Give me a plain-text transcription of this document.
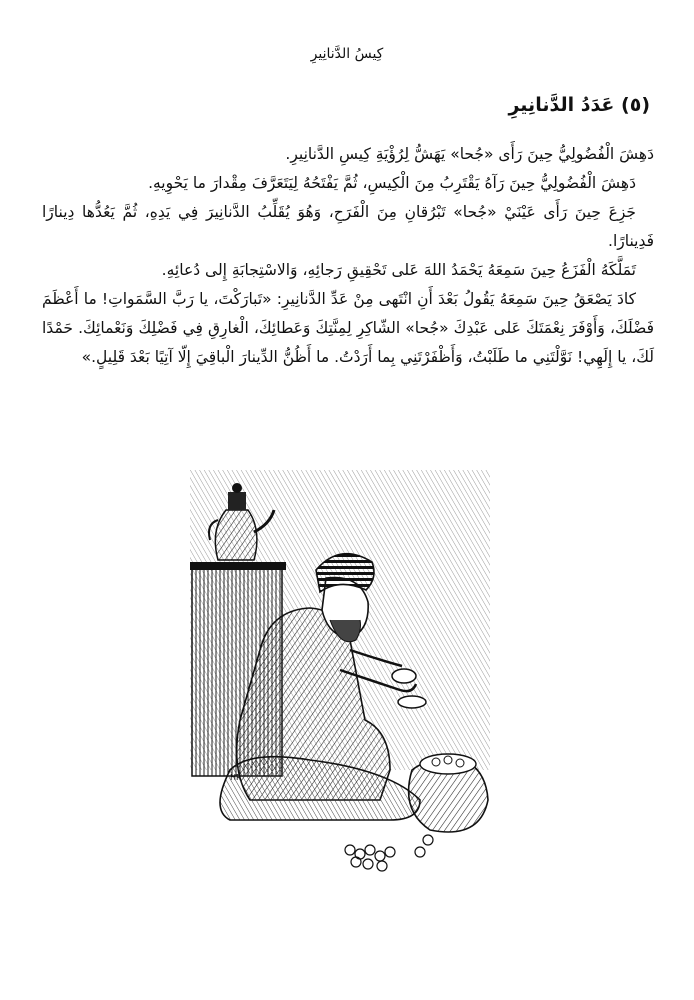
كِيسُ الدَّنانِيرِ
(٥) عَدَدُ الدَّنانِيرِ

دَهِشَ الْفُضُولِيُّ حِينَ رَأَى «جُحا» يَهَشُّ لِرُؤْيَةِ كِيسِ الدَّنانِيرِ.

دَهِشَ الْفُضُولِيُّ حِينَ رَآهُ يَقْتَرِبُ مِنَ الْكِيسِ، ثُمَّ يَفْتَحُهُ لِيَتَعَرَّفَ مِقْدارَ ما يَحْوِيهِ.

جَزِعَ حِينَ رَأَى عَيْنَيْ «جُحا» تَبْرُقانِ مِنَ الْفَرَحِ، وَهُوَ يُقَلِّبُ الدَّنانِيرَ فِي يَدِهِ، ثُمَّ يَعُدُّها دِينارًا فَدِينارًا.

تَمَلَّكَهُ الْفَزَعُ حِينَ سَمِعَهُ يَحْمَدُ اللهَ عَلى تَحْقِيقِ رَجائِهِ، وَالاسْتِجابَةِ إِلى دُعائِهِ.

كادَ يَصْعَقُ حِينَ سَمِعَهُ يَقُولُ بَعْدَ أَنِ انْتَهى مِنْ عَدِّ الدَّنانِيرِ: «تَبارَكْتَ، يا رَبَّ السَّمَواتِ! ما أَعْظَمَ فَضْلَكَ، وَأَوْفَرَ نِعْمَتَكَ عَلى عَبْدِكَ «جُحا» الشّاكِرِ لِمِنَّتِكَ وَعَطائِكَ، الْغارِقِ فِي فَضْلِكَ وَنَعْمائِكَ. حَمْدًا لَكَ، يا إِلَهِي! نَوَّلْتَنِي ما طَلَبْتُ، وَأَظْفَرْتَنِي بِما أَرَدْتُ. ما أَظُنُّ الدِّينارَ الْباقِيَ إِلّا آتِيًا بَعْدَ قَلِيلٍ.»

HR
